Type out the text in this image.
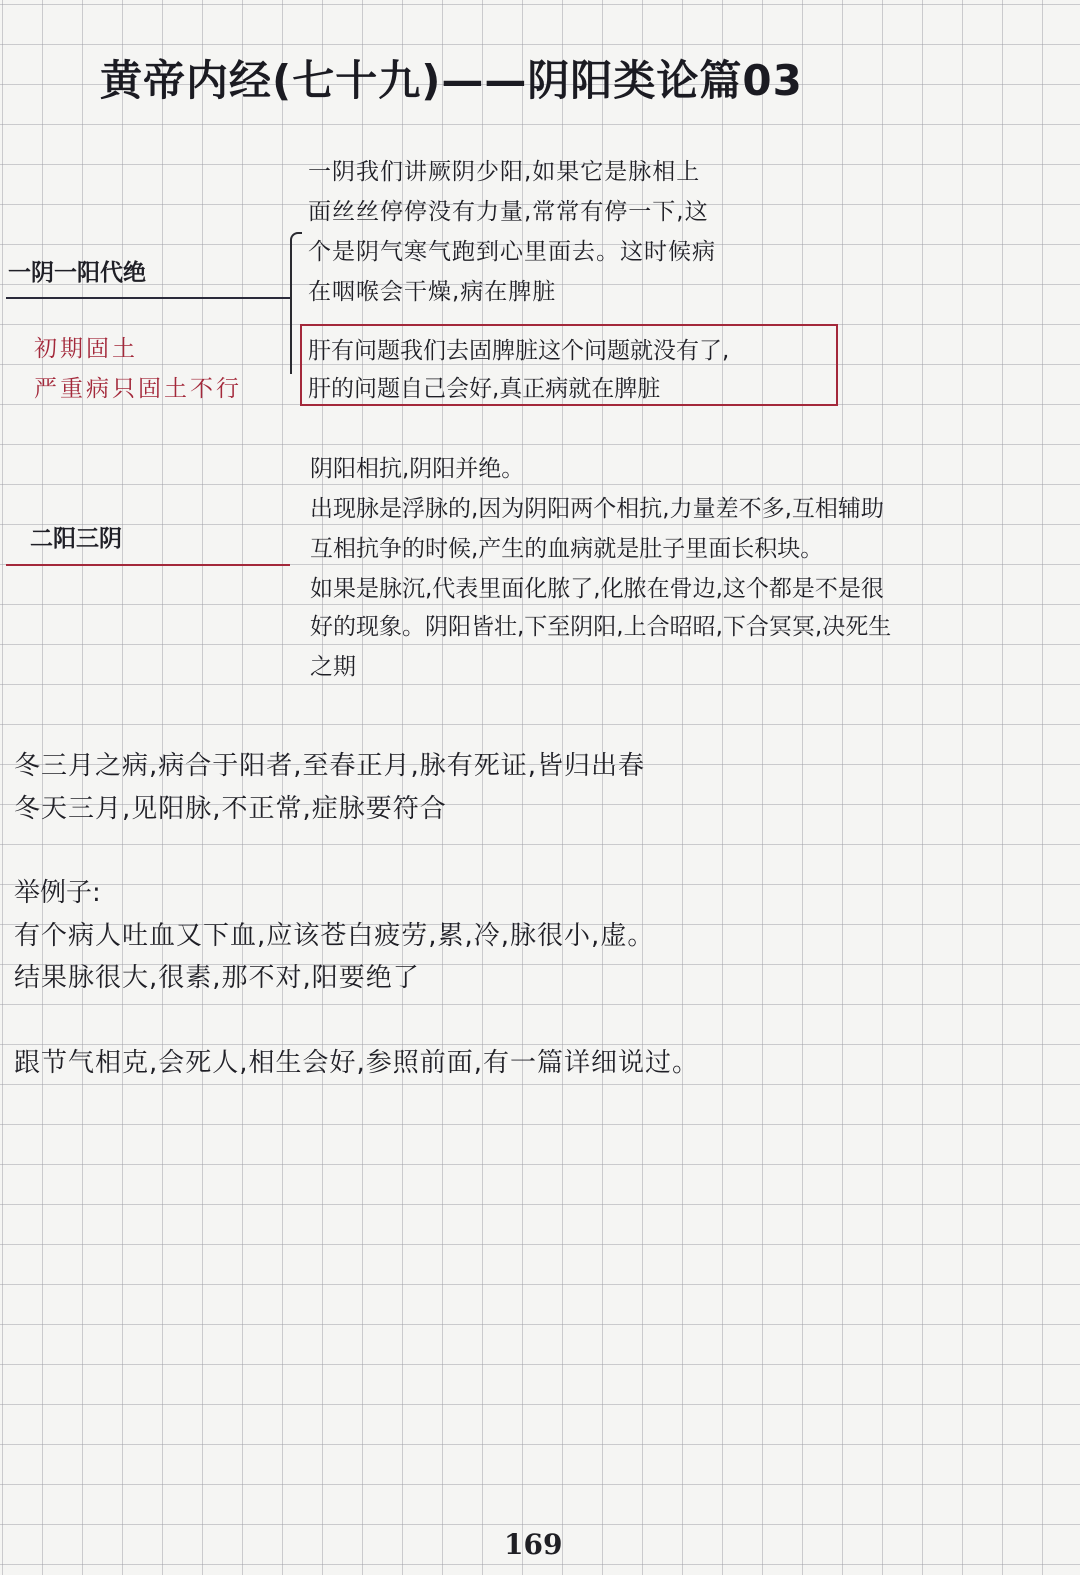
黄帝内经(七十九)——阴阳类论篇03
一阴一阳代绝
一阴我们讲厥阴少阳,如果它是脉相上
面丝丝停停没有力量,常常有停一下,这
个是阴气寒气跑到心里面去。这时候病
在咽喉会干燥,病在脾脏
初期固土
严重病只固土不行
肝有问题我们去固脾脏这个问题就没有了,
肝的问题自己会好,真正病就在脾脏
二阳三阴
阴阳相抗,阴阳并绝。
出现脉是浮脉的,因为阴阳两个相抗,力量差不多,互相辅助
互相抗争的时候,产生的血病就是肚子里面长积块。
如果是脉沉,代表里面化脓了,化脓在骨边,这个都是不是很
好的现象。阴阳皆壮,下至阴阳,上合昭昭,下合冥冥,决死生
之期
冬三月之病,病合于阳者,至春正月,脉有死证,皆归出春
冬天三月,见阳脉,不正常,症脉要符合
举例子:
有个病人吐血又下血,应该苍白疲劳,累,冷,脉很小,虚。
结果脉很大,很素,那不对,阳要绝了
跟节气相克,会死人,相生会好,参照前面,有一篇详细说过。
169
